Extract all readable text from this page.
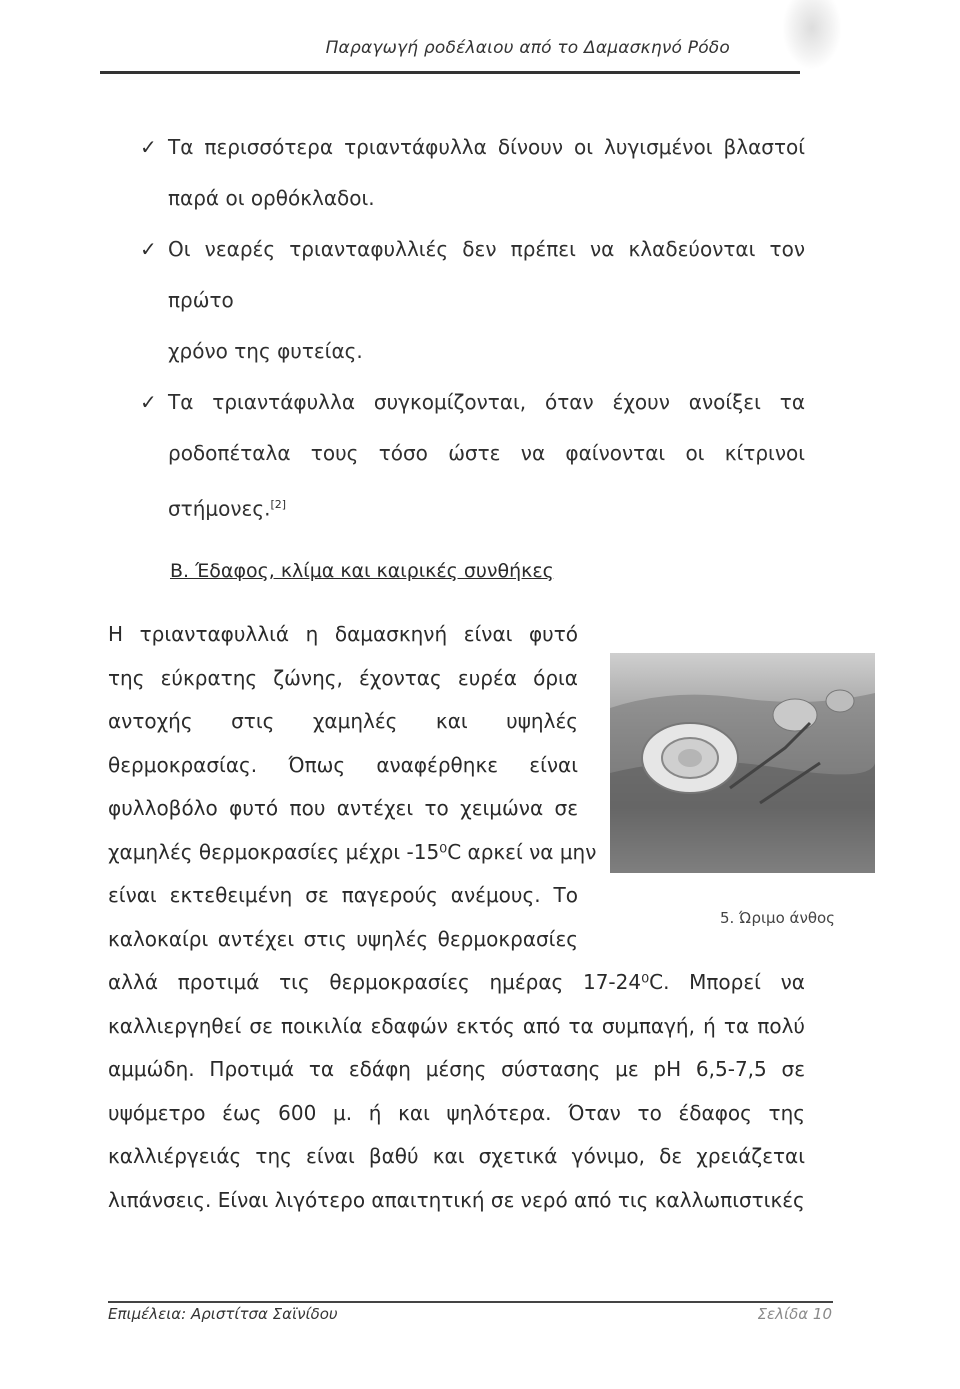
Παραγωγή ροδέλαιου από το Δαμασκηνό Ρόδο
✓ Τα περισσότερα τριαντάφυλλα δίνουν οι λυγισμένοι βλαστοί

παρά οι ορθόκλαδοι.

✓ Οι νεαρές τριανταφυλλιές δεν πρέπει να κλαδεύονται τον πρώτο

χρόνο της φυτείας.

✓ Τα τριαντάφυλλα συγκομίζονται, όταν έχουν ανοίξει τα

ροδοπέταλα τους τόσο ώστε να φαίνονται οι κίτρινοι

στήμονες.[2]

Β. Έδαφος, κλίμα και καιρικές συνθήκες
5. Ώριμο άνθος
Η τριανταφυλλιά η δαμασκηνή είναι φυτό
της εύκρατης ζώνης, έχοντας ευρέα όρια
αντοχής στις χαμηλές και υψηλές
θερμοκρασίας. Όπως αναφέρθηκε είναι
φυλλοβόλο φυτό που αντέχει το χειμώνα σε
χαμηλές θερμοκρασίες μέχρι -15⁰C αρκεί να μην
είναι εκτεθειμένη σε παγερούς ανέμους. Το
καλοκαίρι αντέχει στις υψηλές θερμοκρασίες
αλλά προτιμά τις θερμοκρασίες ημέρας 17-24⁰C. Μπορεί να
καλλιεργηθεί σε ποικιλία εδαφών εκτός από τα συμπαγή, ή τα πολύ
αμμώδη. Προτιμά τα εδάφη μέσης σύστασης με pH 6,5-7,5 σε
υψόμετρο έως 600 μ. ή και ψηλότερα. Όταν το έδαφος της
καλλιέργειάς της είναι βαθύ και σχετικά γόνιμο, δε χρειάζεται
λιπάνσεις. Είναι λιγότερο απαιτητική σε νερό από τις καλλωπιστικές
Επιμέλεια: Αριστίτσα Σαϊνίδου	Σελίδα 10
